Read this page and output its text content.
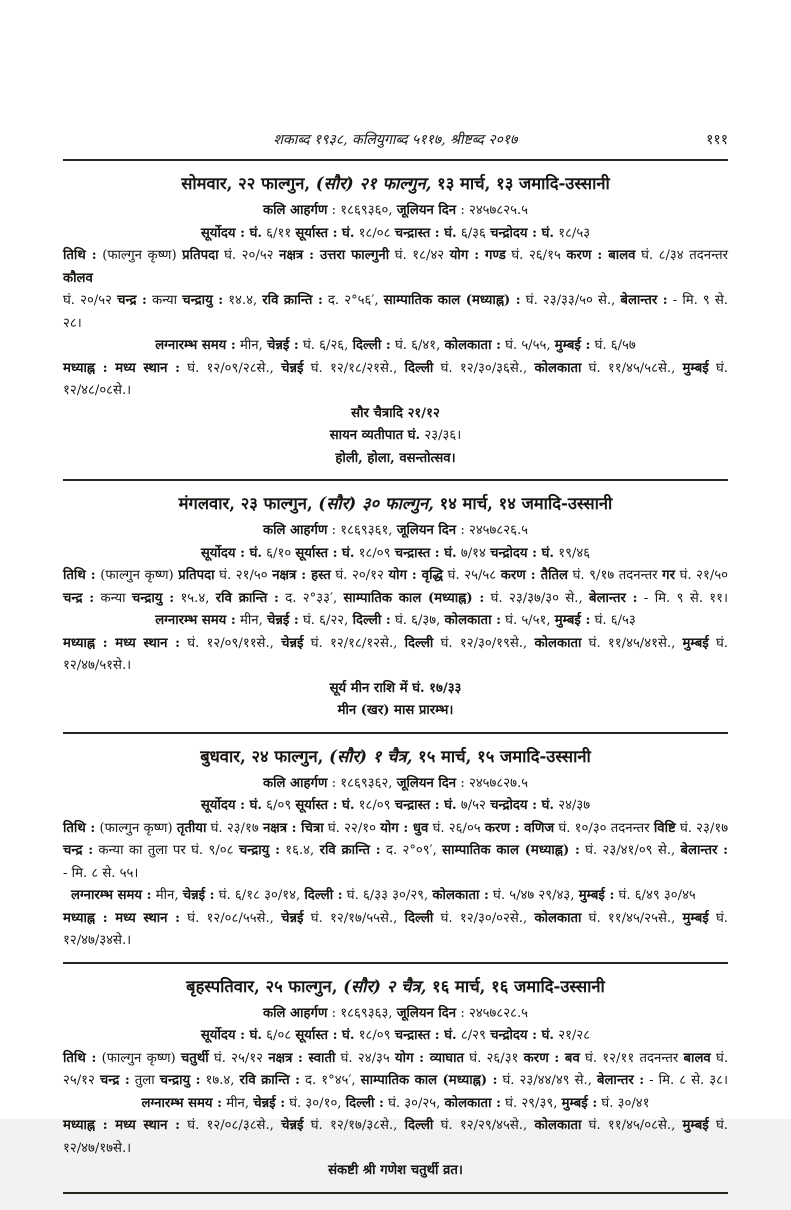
शकाब्द १९३८, कलियुगाब्द ५११७, श्रीष्टब्द २०१७	१११
सोमवार, २२ फाल्गुन, (सौर) २१ फाल्गुन, १३ मार्च, १३ जमादि-उस्सानी
कलि आहर्गण : १८६९३६०, जूलियन दिन : २४५७८२५.५
सूर्योदय : घं. ६/११ सूर्यास्त : घं. १८/०८ चन्द्रास्त : घं. ६/३६ चन्द्रोदय : घं. १८/५३
तिथि : (फाल्गुन कृष्ण) प्रतिपदा घं. २०/५२ नक्षत्र : उत्तरा फाल्गुनी घं. १८/४२ योग : गण्ड घं. २६/१५ करण : बालव घं. ८/३४ तदनन्तर कौलव
घं. २०/५२ चन्द्र : कन्या चन्द्रायु : १४.४, रवि क्रान्ति : द. २°५६′, साम्पातिक काल (मध्याह्न) : घं. २३/३३/५० से., बेलान्तर : - मि. ९ से. २८।
लग्नारम्भ समय : मीन, चेन्नई : घं. ६/२६, दिल्ली : घं. ६/४१, कोलकाता : घं. ५/५५, मुम्बई : घं. ६/५७
मध्याह्न : मध्य स्थान : घं. १२/०९/२८से., चेन्नई घं. १२/१८/२१से., दिल्ली घं. १२/३०/३६से., कोलकाता घं. ११/४५/५८से., मुम्बई घं. १२/४८/०८से.।
सौर चैत्रादि २१/१२
सायन व्यतीपात घं. २३/३६।
होली, होला, वसन्तोत्सव।
मंगलवार, २३ फाल्गुन, (सौर) ३० फाल्गुन, १४ मार्च, १४ जमादि-उस्सानी
कलि आहर्गण : १८६९३६१, जूलियन दिन : २४५७८२६.५
सूर्योदय : घं. ६/१० सूर्यास्त : घं. १८/०९ चन्द्रास्त : घं. ७/१४ चन्द्रोदय : घं. १९/४६
तिथि : (फाल्गुन कृष्ण) प्रतिपदा घं. २१/५० नक्षत्र : हस्त घं. २०/१२ योग : वृद्धि घं. २५/५८ करण : तैतिल घं. ९/१७ तदनन्तर गर घं. २१/५०
चन्द्र : कन्या चन्द्रायु : १५.४, रवि क्रान्ति : द. २°३३′, साम्पातिक काल (मध्याह्न) : घं. २३/३७/३० से., बेलान्तर : - मि. ९ से. ११।
लग्नारम्भ समय : मीन, चेन्नई : घं. ६/२२, दिल्ली : घं. ६/३७, कोलकाता : घं. ५/५१, मुम्बई : घं. ६/५३
मध्याह्न : मध्य स्थान : घं. १२/०९/११से., चेन्नई घं. १२/१८/१२से., दिल्ली घं. १२/३०/१९से., कोलकाता घं. ११/४५/४१से., मुम्बई घं. १२/४७/५१से.।
सूर्य मीन राशि में घं. १७/३३
मीन (खर) मास प्रारम्भ।
बुधवार, २४ फाल्गुन, (सौर) १ चैत्र, १५ मार्च, १५ जमादि-उस्सानी
कलि आहर्गण : १८६९३६२, जूलियन दिन : २४५७८२७.५
सूर्योदय : घं. ६/०९ सूर्यास्त : घं. १८/०९ चन्द्रास्त : घं. ७/५२ चन्द्रोदय : घं. २४/३७
तिथि : (फाल्गुन कृष्ण) तृतीया घं. २३/१७ नक्षत्र : चित्रा घं. २२/१० योग : धुव घं. २६/०५ करण : वणिज घं. १०/३० तदनन्तर विष्टि घं. २३/१७
चन्द्र : कन्या का तुला पर घं. ९/०८ चन्द्रायु : १६.४, रवि क्रान्ति : द. २°०९′, साम्पातिक काल (मध्याह्न) : घं. २३/४१/०९ से., बेलान्तर :
- मि. ८ से. ५५।
लग्नारम्भ समय : मीन, चेन्नई : घं. ६/१८ ३०/१४, दिल्ली : घं. ६/३३ ३०/२९, कोलकाता : घं. ५/४७ २९/४३, मुम्बई : घं. ६/४९ ३०/४५
मध्याह्न : मध्य स्थान : घं. १२/०८/५५से., चेन्नई घं. १२/१७/५५से., दिल्ली घं. १२/३०/०२से., कोलकाता घं. ११/४५/२५से., मुम्बई घं. १२/४७/३४से.।
बृहस्पतिवार, २५ फाल्गुन, (सौर) २ चैत्र, १६ मार्च, १६ जमादि-उस्सानी
कलि आहर्गण : १८६९३६३, जूलियन दिन : २४५७८२८.५
सूर्योदय : घं. ६/०८ सूर्यास्त : घं. १८/०९ चन्द्रास्त : घं. ८/२९ चन्द्रोदय : घं. २१/२८
तिथि : (फाल्गुन कृष्ण) चतुर्थी घं. २५/१२ नक्षत्र : स्वाती घं. २४/३५ योग : व्याघात घं. २६/३१ करण : बव घं. १२/११ तदनन्तर बालव घं.
२५/१२ चन्द्र : तुला चन्द्रायु : १७.४, रवि क्रान्ति : द. १°४५′, साम्पातिक काल (मध्याह्न) : घं. २३/४४/४९ से., बेलान्तर : - मि. ८ से. ३८।
लग्नारम्भ समय : मीन, चेन्नई : घं. ३०/१०, दिल्ली : घं. ३०/२५, कोलकाता : घं. २९/३९, मुम्बई : घं. ३०/४१
मध्याह्न : मध्य स्थान : घं. १२/०८/३८से., चेन्नई घं. १२/१७/३८से., दिल्ली घं. १२/२९/४५से., कोलकाता घं. ११/४५/०८से., मुम्बई घं. १२/४७/१७से.।
संकष्टी श्री गणेश चतुर्थी व्रत।
